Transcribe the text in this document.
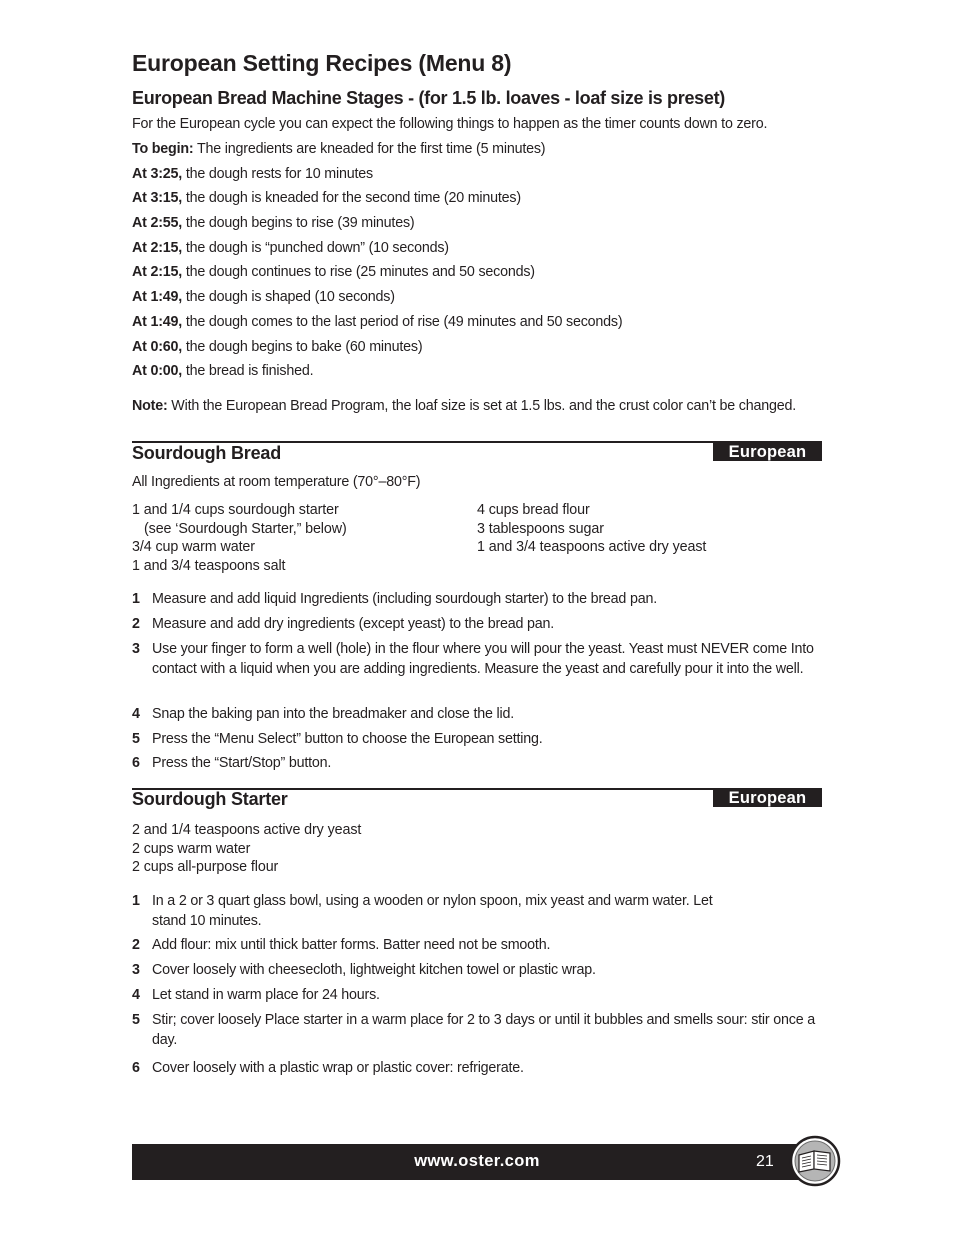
European Setting Recipes (Menu 8)
European Bread Machine Stages - (for 1.5 lb. loaves - loaf size is preset)
For the European cycle you can expect the following things to happen as the timer counts down to zero.
To begin: The ingredients are kneaded for the first time (5 minutes)
At 3:25, the dough rests for 10 minutes
At 3:15, the dough is kneaded for the second time (20 minutes)
At 2:55, the dough begins to rise (39 minutes)
At 2:15, the dough is “punched down” (10 seconds)
At 2:15, the dough continues to rise (25 minutes and 50 seconds)
At 1:49, the dough is shaped (10 seconds)
At 1:49, the dough comes to the last period of rise (49 minutes and 50 seconds)
At 0:60, the dough begins to bake (60 minutes)
At 0:00, the bread is finished.
Note: With the European Bread Program, the loaf size is set at 1.5 lbs. and the crust color can’t be changed.
Sourdough Bread	European
All Ingredients at room temperature (70°–80°F)
1 and 1/4 cups sourdough starter
(see ‘Sourdough Starter,” below)
3/4 cup warm water
1 and 3/4 teaspoons salt
4 cups bread flour
3 tablespoons sugar
1 and 3/4 teaspoons active dry yeast
1 Measure and add liquid Ingredients (including sourdough starter) to the bread pan.
2 Measure and add dry ingredients (except yeast) to the bread pan.
3 Use your finger to form a well (hole) in the flour where you will pour the yeast. Yeast must NEVER come Into contact with a liquid when you are adding ingredients. Measure the yeast and carefully pour it into the well.
4 Snap the baking pan into the breadmaker and close the lid.
5 Press the “Menu Select” button to choose the European setting.
6 Press the “Start/Stop” button.
Sourdough Starter	European
2 and 1/4 teaspoons active dry yeast
2 cups warm water
2 cups all-purpose flour
1 In a 2 or 3 quart glass bowl, using a wooden or nylon spoon, mix yeast and warm water. Let stand 10 minutes.
2 Add flour: mix until thick batter forms. Batter need not be smooth.
3 Cover loosely with cheesecloth, lightweight kitchen towel or plastic wrap.
4 Let stand in warm place for 24 hours.
5 Stir; cover loosely Place starter in a warm place for 2 to 3 days or until it bubbles and smells sour: stir once a day.
6 Cover loosely with a plastic wrap or plastic cover: refrigerate.
www.oster.com	21
